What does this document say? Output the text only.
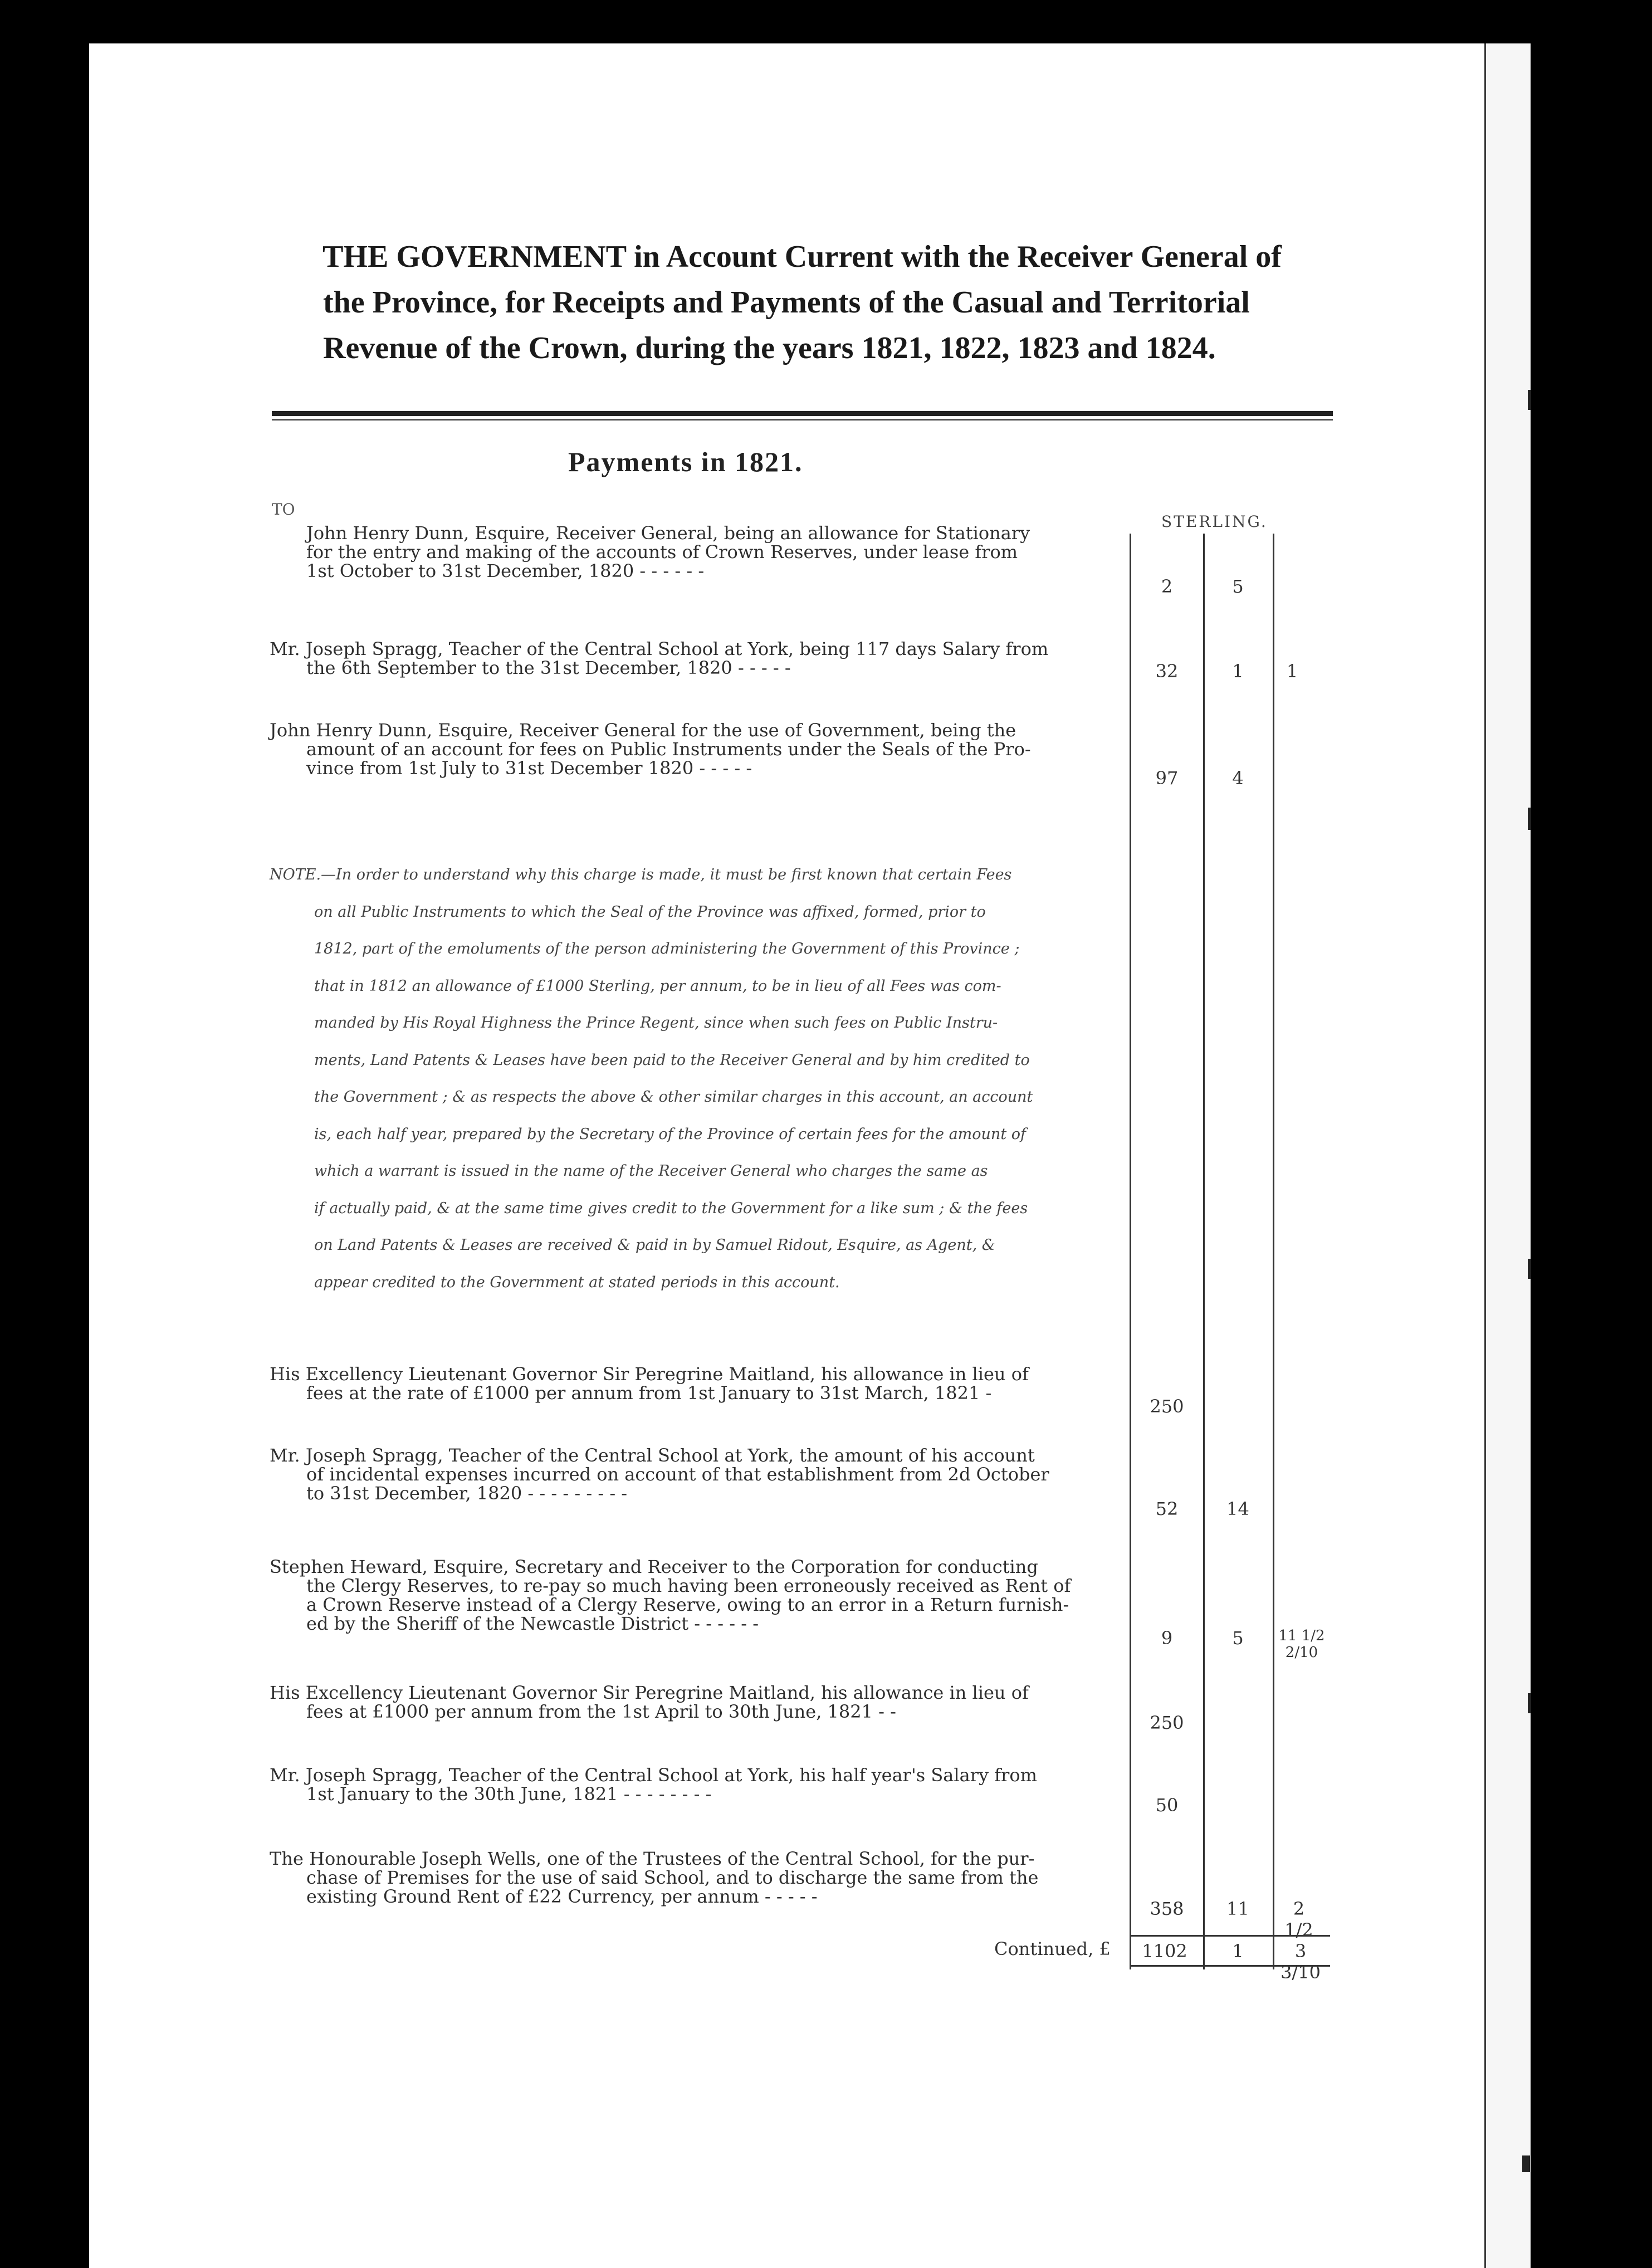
THE GOVERNMENT in Account Current with the Receiver General of
the Province, for Receipts and Payments of the Casual and Territorial
Revenue of the Crown, during the years 1821, 1822, 1823 and 1824.
Payments in 1821.
TO
STERLING.

John Henry Dunn, Esquire, Receiver General, being an allowance for Stationary

for the entry and making of the accounts of Crown Reserves, under lease from

1st October to 31st December, 1820 - - - - - -

2	5

Mr. Joseph Spragg, Teacher of the Central School at York, being 117 days Salary from

the 6th September to the 31st December, 1820 - - - - -	32	1	1

John Henry Dunn, Esquire, Receiver General for the use of Government, being the

amount of an account for fees on Public Instruments under the Seals of the Pro-

vince from 1st July to 31st December 1820 - - - - -	97	4

NOTE.—In order to understand why this charge is made, it must be first known that certain Fees

on all Public Instruments to which the Seal of the Province was affixed, formed, prior to

1812, part of the emoluments of the person administering the Government of this Province ;

that in 1812 an allowance of £1000 Sterling, per annum, to be in lieu of all Fees was com-

manded by His Royal Highness the Prince Regent, since when such fees on Public Instru-

ments, Land Patents & Leases have been paid to the Receiver General and by him credited to

the Government ; & as respects the above & other similar charges in this account, an account

is, each half year, prepared by the Secretary of the Province of certain fees for the amount of

which a warrant is issued in the name of the Receiver General who charges the same as

if actually paid, & at the same time gives credit to the Government for a like sum ; & the fees

on Land Patents & Leases are received & paid in by Samuel Ridout, Esquire, as Agent, &

appear credited to the Government at stated periods in this account.

His Excellency Lieutenant Governor Sir Peregrine Maitland, his allowance in lieu of

fees at the rate of £1000 per annum from 1st January to 31st March, 1821 -

250

Mr. Joseph Spragg, Teacher of the Central School at York, the amount of his account

of incidental expenses incurred on account of that establishment from 2d October

to 31st December, 1820 - - - - - - - - -

52	14

Stephen Heward, Esquire, Secretary and Receiver to the Corporation for conducting

the Clergy Reserves, to re-pay so much having been erroneously received as Rent of

a Crown Reserve instead of a Clergy Reserve, owing to an error in a Return furnish-

ed by the Sheriff of the Newcastle District - - - - - -

9	5	11 1/2 2/10

His Excellency Lieutenant Governor Sir Peregrine Maitland, his allowance in lieu of

fees at £1000 per annum from the 1st April to 30th June, 1821 - -

250

Mr. Joseph Spragg, Teacher of the Central School at York, his half year's Salary from

1st January to the 30th June, 1821 - - - - - - - -

50

The Honourable Joseph Wells, one of the Trustees of the Central School, for the pur-

chase of Premises for the use of said School, and to discharge the same from the

existing Ground Rent of £22 Currency, per annum - - - - -

358	11	2 1/2
Continued, £	1102	1	3 3/10
